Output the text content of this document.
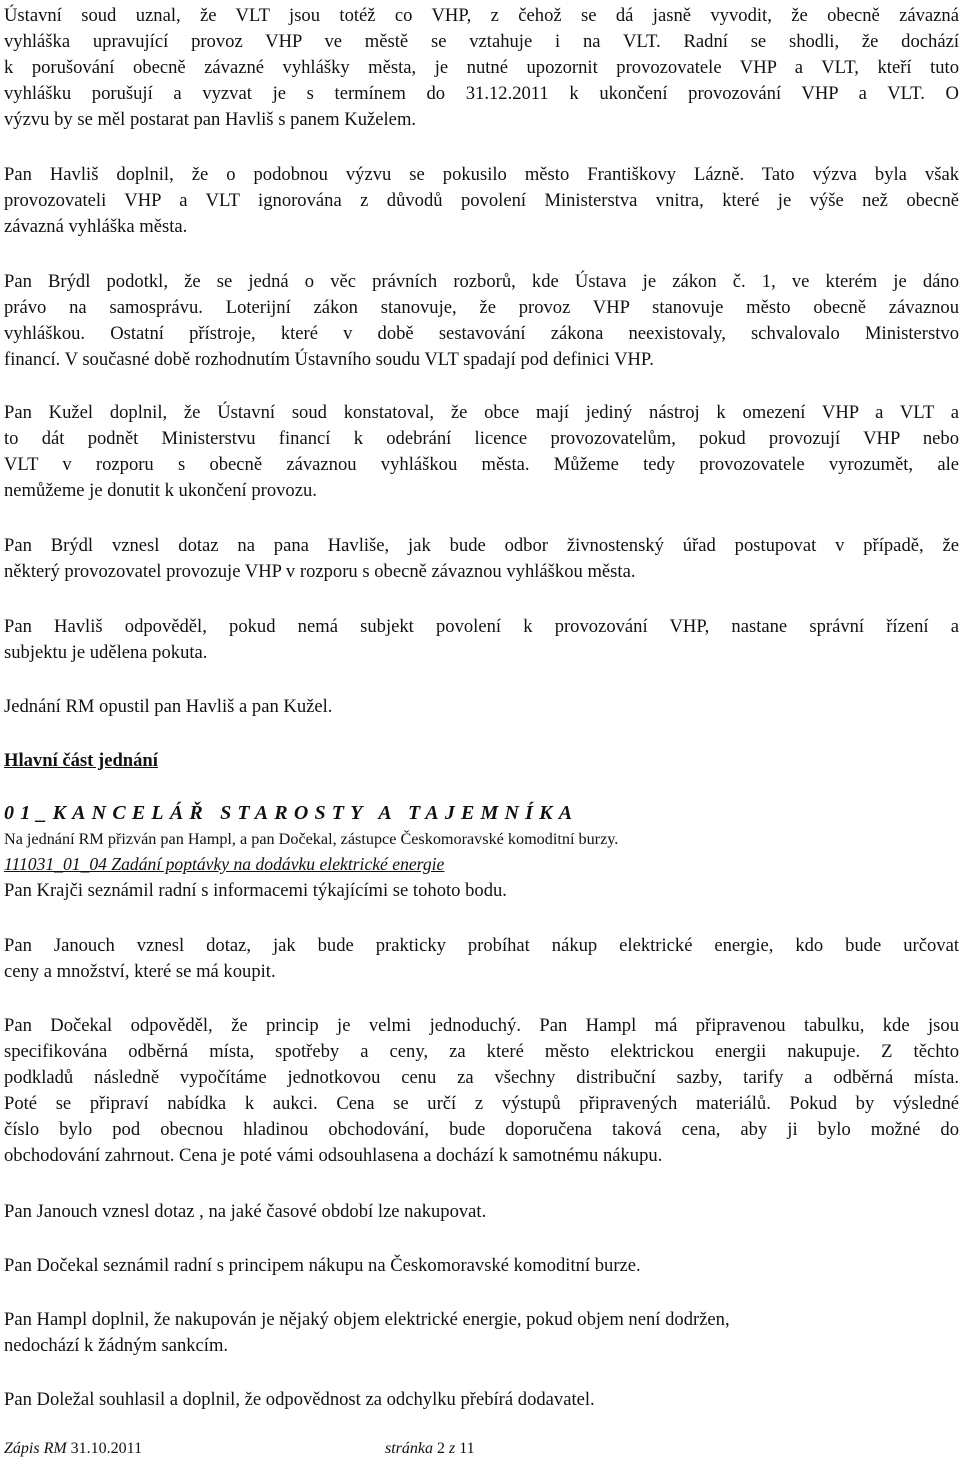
Ústavní soud uznal, že VLT jsou totéž co VHP, z čehož se dá jasně vyvodit, že obecně závazná

vyhláška upravující provoz VHP ve městě se vztahuje i na VLT. Radní se shodli, že dochází

k porušování obecně závazné vyhlášky města, je nutné upozornit provozovatele VHP a VLT, kteří tuto

vyhlášku porušují a vyzvat je s termínem do 31.12.2011 k ukončení provozování VHP a VLT. O

výzvu by se měl postarat pan Havliš s panem Kuželem.

Pan Havliš doplnil, že o podobnou výzvu se pokusilo město Františkovy Lázně. Tato výzva byla však

provozovateli VHP a VLT ignorována z důvodů povolení Ministerstva vnitra, které je výše než obecně

závazná vyhláška města.

Pan Brýdl podotkl, že se jedná o věc právních rozborů, kde Ústava je zákon č. 1, ve kterém je dáno

právo na samosprávu. Loterijní zákon stanovuje, že provoz VHP stanovuje město obecně závaznou

vyhláškou. Ostatní přístroje, které v době sestavování zákona neexistovaly, schvalovalo Ministerstvo

financí. V současné době rozhodnutím Ústavního soudu VLT spadají pod definici VHP.

Pan Kužel doplnil, že Ústavní soud konstatoval, že obce mají jediný nástroj k omezení VHP a VLT a

to dát podnět Ministerstvu financí k odebrání licence provozovatelům, pokud provozují VHP nebo

VLT v rozporu s obecně závaznou vyhláškou města. Můžeme tedy provozovatele vyrozumět, ale

nemůžeme je donutit k ukončení provozu.

Pan Brýdl vznesl dotaz na pana Havliše, jak bude odbor živnostenský úřad postupovat v případě, že

některý provozovatel provozuje VHP v rozporu s obecně závaznou vyhláškou města.

Pan Havliš odpověděl, pokud nemá subjekt povolení k provozování VHP, nastane správní řízení a

subjektu je udělena pokuta.

Jednání RM opustil pan Havliš a pan Kužel.

Hlavní část jednání

01_KANCELÁŘ STAROSTY A TAJEMNÍKA

Na jednání RM přizván pan Hampl, a pan Dočekal, zástupce Českomoravské komoditní burzy.

111031_01_04 Zadání poptávky na dodávku elektrické energie

Pan Krajči seznámil radní s informacemi týkajícími se tohoto bodu.

Pan Janouch vznesl dotaz, jak bude prakticky probíhat nákup elektrické energie, kdo bude určovat

ceny a množství, které se má koupit.

Pan Dočekal odpověděl, že princip je velmi jednoduchý. Pan Hampl má připravenou tabulku, kde jsou

specifikována odběrná místa, spotřeby a ceny, za které město elektrickou energii nakupuje. Z těchto

podkladů následně vypočítáme jednotkovou cenu za všechny distribuční sazby, tarify a odběrná místa.

Poté se připraví nabídka k aukci. Cena se určí z výstupů připravených materiálů. Pokud by výsledné

číslo bylo pod obecnou hladinou obchodování, bude doporučena taková cena, aby ji bylo možné do

obchodování zahrnout. Cena je poté vámi odsouhlasena a dochází k samotnému nákupu.

Pan Janouch vznesl dotaz , na jaké časové období lze nakupovat.

Pan Dočekal seznámil radní s principem nákupu na Českomoravské komoditní burze.

Pan Hampl doplnil, že nakupován je nějaký objem elektrické energie, pokud objem není dodržen,

nedochází k žádným sankcím.

Pan Doležal souhlasil a doplnil, že odpovědnost za odchylku přebírá dodavatel.

Zápis RM 31.10.2011	stránka 2 z 11
